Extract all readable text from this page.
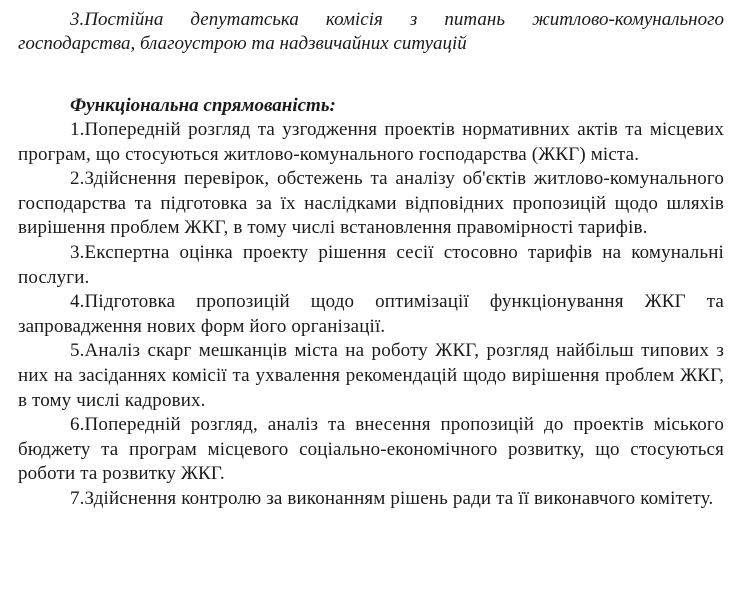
3.Постійна депутатська комісія з питань житлово-комунального господарства, благоустрою та надзвичайних ситуацій

Функціональна спрямованість:

1.Попередній розгляд та узгодження проектів нормативних актів та місцевих програм, що стосуються житлово-комунального господарства (ЖКГ) міста.

2.Здійснення перевірок, обстежень та аналізу об'єктів житлово-комунального господарства та підготовка за їх наслідками відповідних пропозицій щодо шляхів вирішення проблем ЖКГ, в тому числі встановлення правомірності тарифів.

3.Експертна оцінка проекту рішення сесії стосовно тарифів на комунальні послуги.

4.Підготовка пропозицій щодо оптимізації функціонування ЖКГ та запровадження нових форм його організації.

5.Аналіз скарг мешканців міста на роботу ЖКГ, розгляд найбільш типових з них на засіданнях комісії та ухвалення рекомендацій щодо вирішення проблем ЖКГ, в тому числі кадрових.

6.Попередній розгляд, аналіз та внесення пропозицій до проектів міського бюджету та програм місцевого соціально-економічного розвитку, що стосуються роботи та розвитку ЖКГ.

7.Здійснення контролю за виконанням рішень ради та її виконавчого комітету.
